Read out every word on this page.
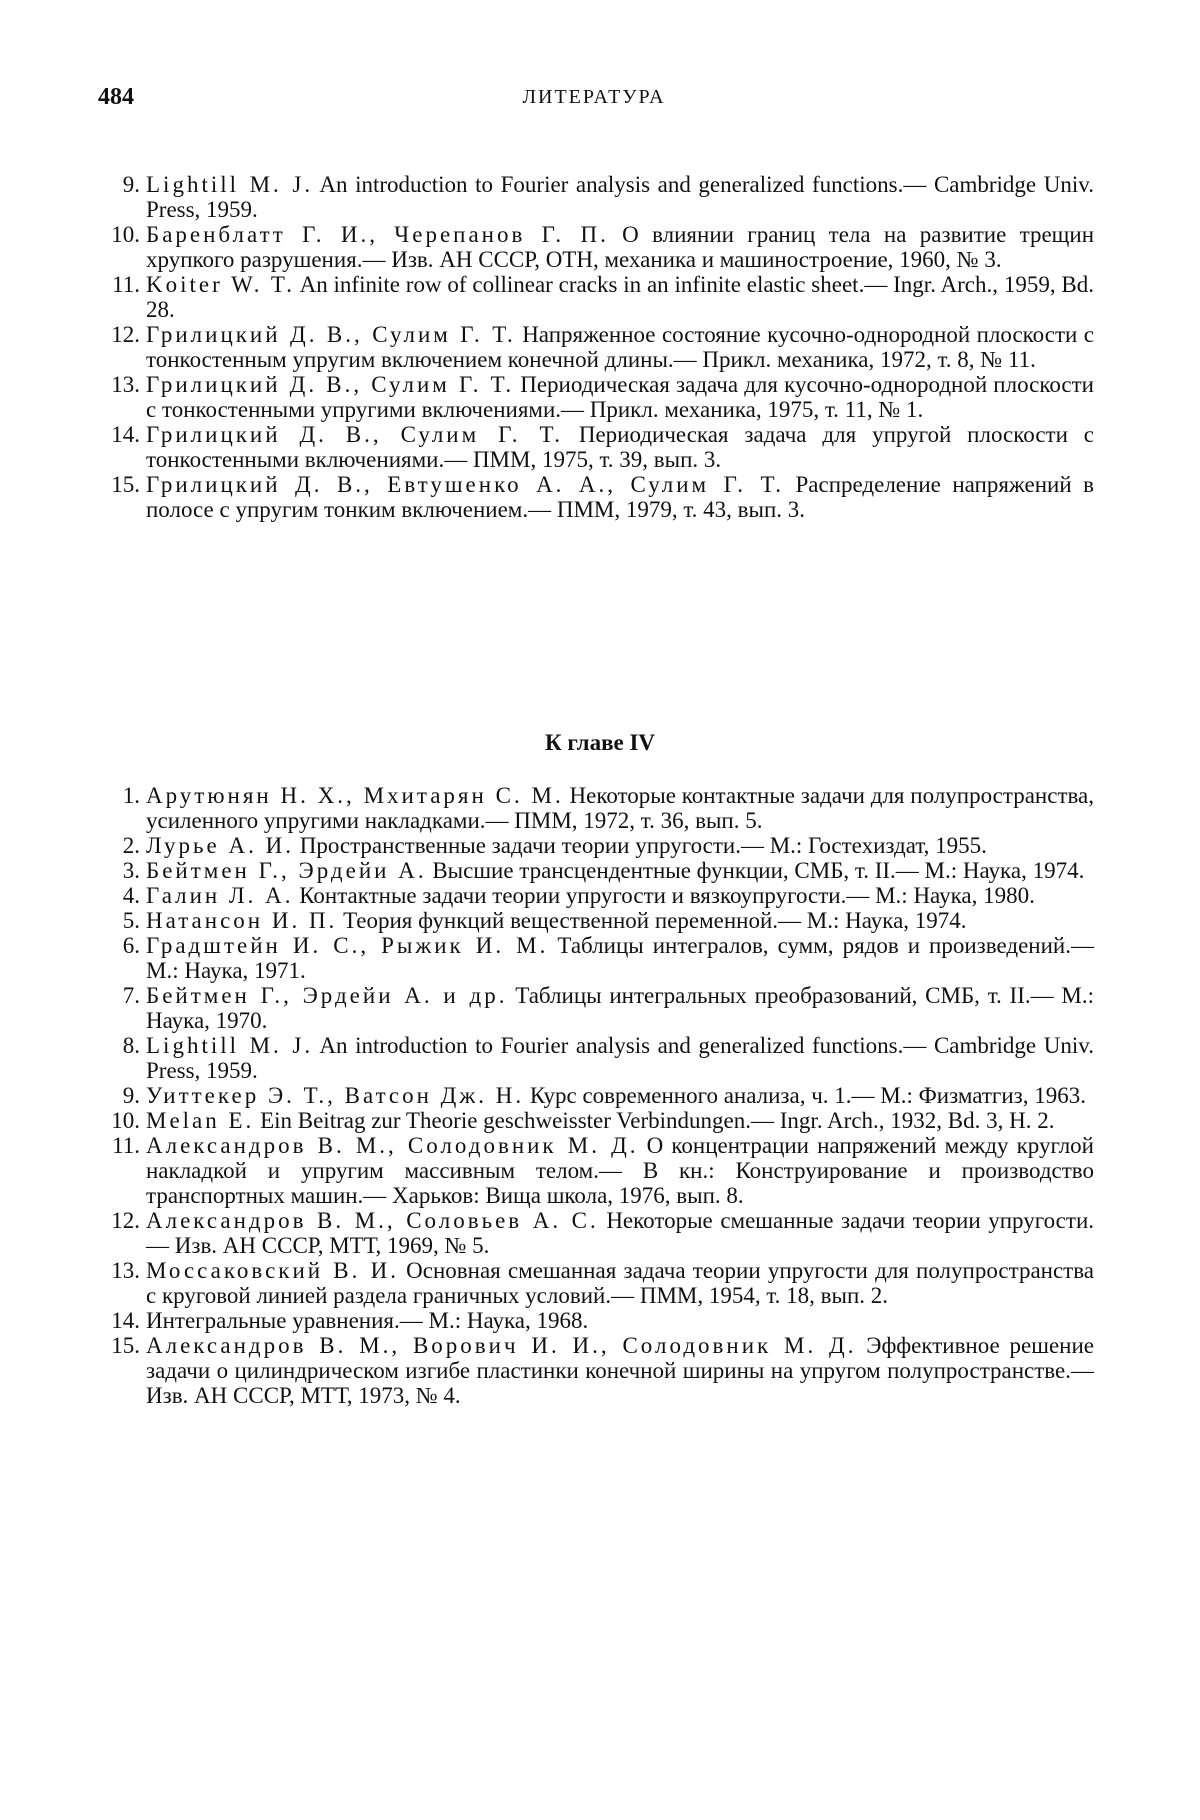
484	ЛИТЕРАТУРА
9. Lightill M. J. An introduction to Fourier analysis and generalized functions.— Cambridge Univ. Press, 1959.
10. Баренблатт Г. И., Черепанов Г. П. О влиянии границ тела на развитие трещин хрупкого разрушения.— Изв. АН СССР, ОТН, механика и машиностроение, 1960, № 3.
11. Koiter W. T. An infinite row of collinear cracks in an infinite elastic sheet.— Ingr. Arch., 1959, Bd. 28.
12. Грилицкий Д. В., Сулим Г. Т. Напряженное состояние кусочно-однородной плоскости с тонкостенным упругим включением конечной длины.— Прикл. механика, 1972, т. 8, № 11.
13. Грилицкий Д. В., Сулим Г. Т. Периодическая задача для кусочно-однородной плоскости с тонкостенными упругими включениями.— Прикл. механика, 1975, т. 11, № 1.
14. Грилицкий Д. В., Сулим Г. Т. Периодическая задача для упругой плоскости с тонкостенными включениями.— ПММ, 1975, т. 39, вып. 3.
15. Грилицкий Д. В., Евтушенко А. А., Сулим Г. Т. Распределение напряжений в полосе с упругим тонким включением.— ПММ, 1979, т. 43, вып. 3.
К главе IV
1. Арутюнян Н. Х., Мхитарян С. М. Некоторые контактные задачи для полупространства, усиленного упругими накладками.— ПММ, 1972, т. 36, вып. 5.
2. Лурье А. И. Пространственные задачи теории упругости.— М.: Гостехиздат, 1955.
3. Бейтмен Г., Эрдейи А. Высшие трансцендентные функции, СМБ, т. II.— М.: Наука, 1974.
4. Галин Л. А. Контактные задачи теории упругости и вязкоупругости.— М.: Наука, 1980.
5. Натансон И. П. Теория функций вещественной переменной.— М.: Наука, 1974.
6. Градштейн И. С., Рыжик И. М. Таблицы интегралов, сумм, рядов и произведений.— М.: Наука, 1971.
7. Бейтмен Г., Эрдейи А. и др. Таблицы интегральных преобразований, СМБ, т. II.— М.: Наука, 1970.
8. Lightill M. J. An introduction to Fourier analysis and generalized functions.— Cambridge Univ. Press, 1959.
9. Уиттекер Э. Т., Ватсон Дж. Н. Курс современного анализа, ч. 1.— М.: Физматгиз, 1963.
10. Melan E. Ein Beitrag zur Theorie geschweisster Verbindungen.— Ingr. Arch., 1932, Bd. 3, H. 2.
11. Александров В. М., Солодовник М. Д. О концентрации напряжений между круглой накладкой и упругим массивным телом.— В кн.: Конструирование и производство транспортных машин.— Харьков: Вища школа, 1976, вып. 8.
12. Александров В. М., Соловьев А. С. Некоторые смешанные задачи теории упругости.— Изв. АН СССР, МТТ, 1969, № 5.
13. Моссаковский В. И. Основная смешанная задача теории упругости для полупространства с круговой линией раздела граничных условий.— ПММ, 1954, т. 18, вып. 2.
14. Интегральные уравнения.— М.: Наука, 1968.
15. Александров В. М., Ворович И. И., Солодовник М. Д. Эффективное решение задачи о цилиндрическом изгибе пластинки конечной ширины на упругом полупространстве.— Изв. АН СССР, МТТ, 1973, № 4.
